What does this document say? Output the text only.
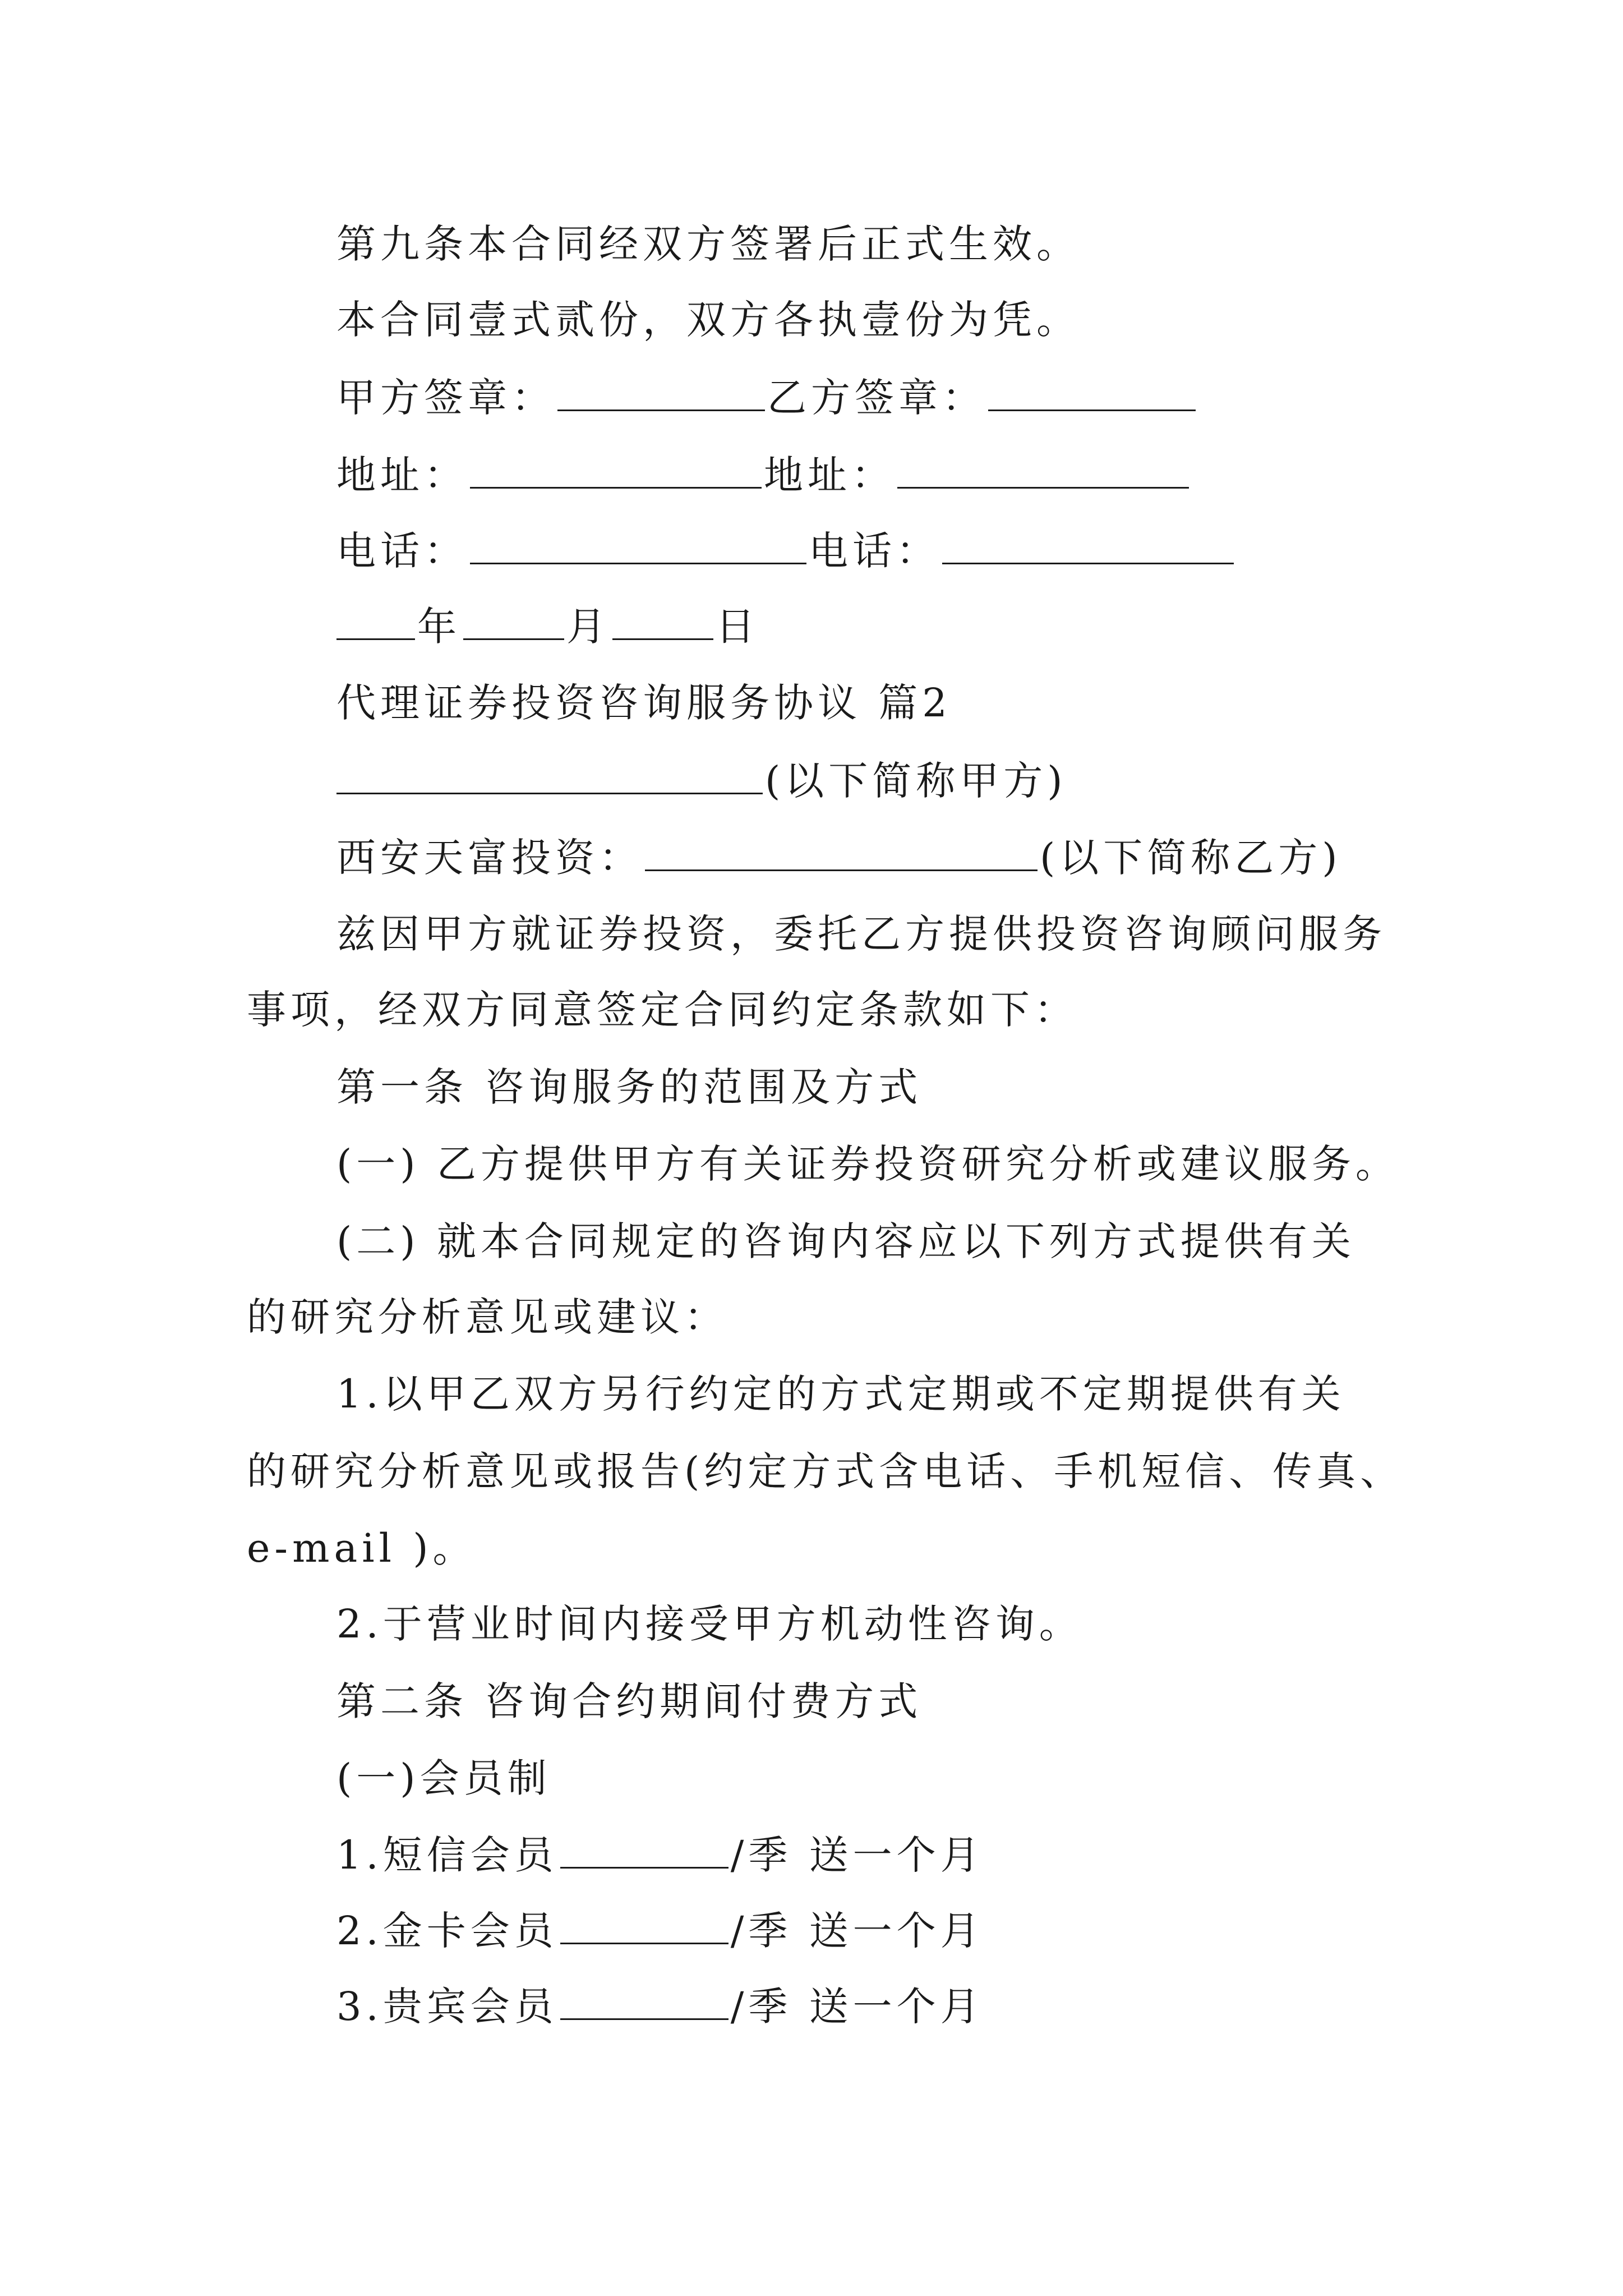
第九条本合同经双方签署后正式生效。
本合同壹式贰份，双方各执壹份为凭。
甲方签章：	乙方签章：
地址：	地址：
电话：	电话：
年	月	日
代理证券投资咨询服务协议 篇2
(以下简称甲方)
西安天富投资：	(以下简称乙方)
兹因甲方就证券投资，委托乙方提供投资咨询顾问服务
事项，经双方同意签定合同约定条款如下：
第一条 咨询服务的范围及方式
(一) 乙方提供甲方有关证券投资研究分析或建议服务。
(二) 就本合同规定的咨询内容应以下列方式提供有关
的研究分析意见或建议：
1.以甲乙双方另行约定的方式定期或不定期提供有关
的研究分析意见或报告(约定方式含电话、手机短信、传真、
e-mail )。
2.于营业时间内接受甲方机动性咨询。
第二条 咨询合约期间付费方式
(一)会员制
1.短信会员	/季 送一个月
2.金卡会员	/季 送一个月
3.贵宾会员	/季 送一个月
